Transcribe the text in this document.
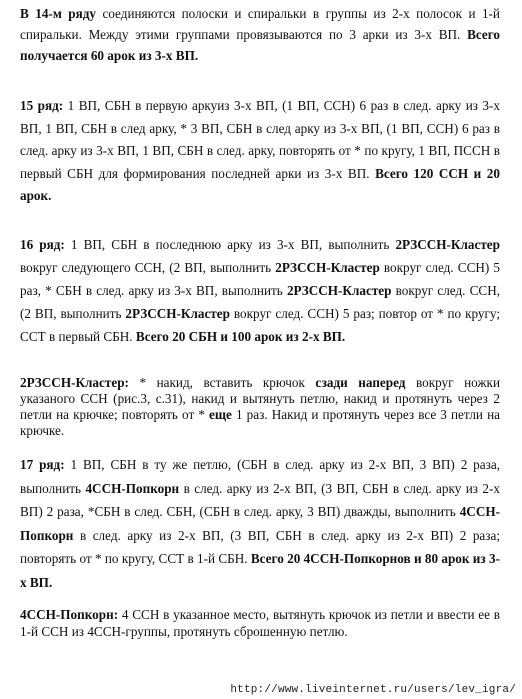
В 14-м ряду соединяются полоски и спиральки в группы из 2-х полосок и 1-й спиральки. Между этими группами провязываются по 3 арки из 3-х ВП. Всего получается 60 арок из 3-х ВП.

15 ряд: 1 ВП, СБН в первую аркуиз 3-х ВП, (1 ВП, ССН) 6 раз в след. арку из 3-х ВП, 1 ВП, СБН в след арку, * 3 ВП, СБН в след арку из 3-х ВП, (1 ВП, ССН) 6 раз в след. арку из 3-х ВП, 1 ВП, СБН в след. арку, повторять от * по кругу, 1 ВП, ПССН в первый СБН для формирования последней арки из 3-х ВП. Всего 120 ССН и 20 арок.

16 ряд: 1 ВП, СБН в последнюю арку из 3-х ВП, выполнить 2РЗССН-Кластер вокруг следующего ССН, (2 ВП, выполнить 2РЗССН-Кластер вокруг след. ССН) 5 раз, * СБН в след. арку из 3-х ВП, выполнить 2РЗССН-Кластер вокруг след. ССН, (2 ВП, выполнить 2РЗССН-Кластер вокруг след. ССН) 5 раз; повтор от * по кругу; ССТ в первый СБН. Всего 20 СБН и 100 арок из 2-х ВП.

2РЗССН-Кластер: * накид, вставить крючок сзади наперед вокруг ножки указаного ССН (рис.3, с.31), накид и вытянуть петлю, накид и протянуть через 2 петли на крючке; повторять от * еще 1 раз. Накид и протянуть через все 3 петли на крючке.

17 ряд: 1 ВП, СБН в ту же петлю, (СБН в след. арку из 2-х ВП, 3 ВП) 2 раза, выполнить 4ССН-Попкорн в след. арку из 2-х ВП, (3 ВП, СБН в след. арку из 2-х ВП) 2 раза, *СБН в след. СБН, (СБН в след. арку, 3 ВП) дважды, выполнить 4ССН-Попкорн в след. арку из 2-х ВП, (3 ВП, СБН в след. арку из 2-х ВП) 2 раза; повторять от * по кругу, ССТ в 1-й СБН. Всего 20 4ССН-Попкорнов и 80 арок из 3-х ВП.

4ССН-Попкорн: 4 ССН в указанное место, вытянуть крючок из петли и ввести ее в 1-й ССН из 4ССН-группы, протянуть сброшенную петлю.

http://www.liveinternet.ru/users/lev_igra/
